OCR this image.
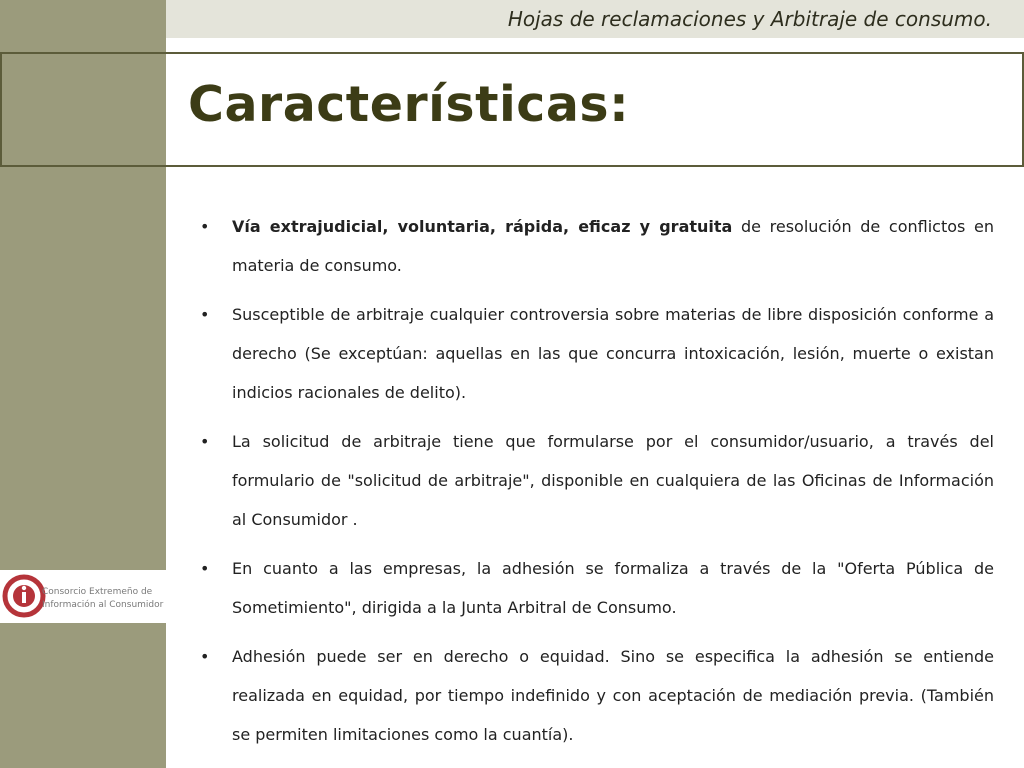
Hojas de reclamaciones y Arbitraje de consumo.
Características:
Consorcio Extremeño de
Información al Consumidor
• Vía extrajudicial, voluntaria, rápida, eficaz y gratuita de resolución de conflictos en materia de consumo.
• Susceptible de arbitraje cualquier controversia sobre materias de libre disposición conforme a derecho (Se exceptúan: aquellas en las que concurra intoxicación, lesión, muerte o existan indicios racionales de delito).
• La solicitud de arbitraje tiene que formularse por el consumidor/usuario, a través del formulario de "solicitud de arbitraje", disponible en cualquiera de las Oficinas de Información al Consumidor .
• En cuanto a las empresas, la adhesión se formaliza a través de la "Oferta Pública de Sometimiento", dirigida a la Junta Arbitral de Consumo.
• Adhesión puede ser en derecho o equidad. Sino se especifica la adhesión se entiende realizada en equidad, por tiempo indefinido y con aceptación de mediación previa. (También se permiten limitaciones como la cuantía).
